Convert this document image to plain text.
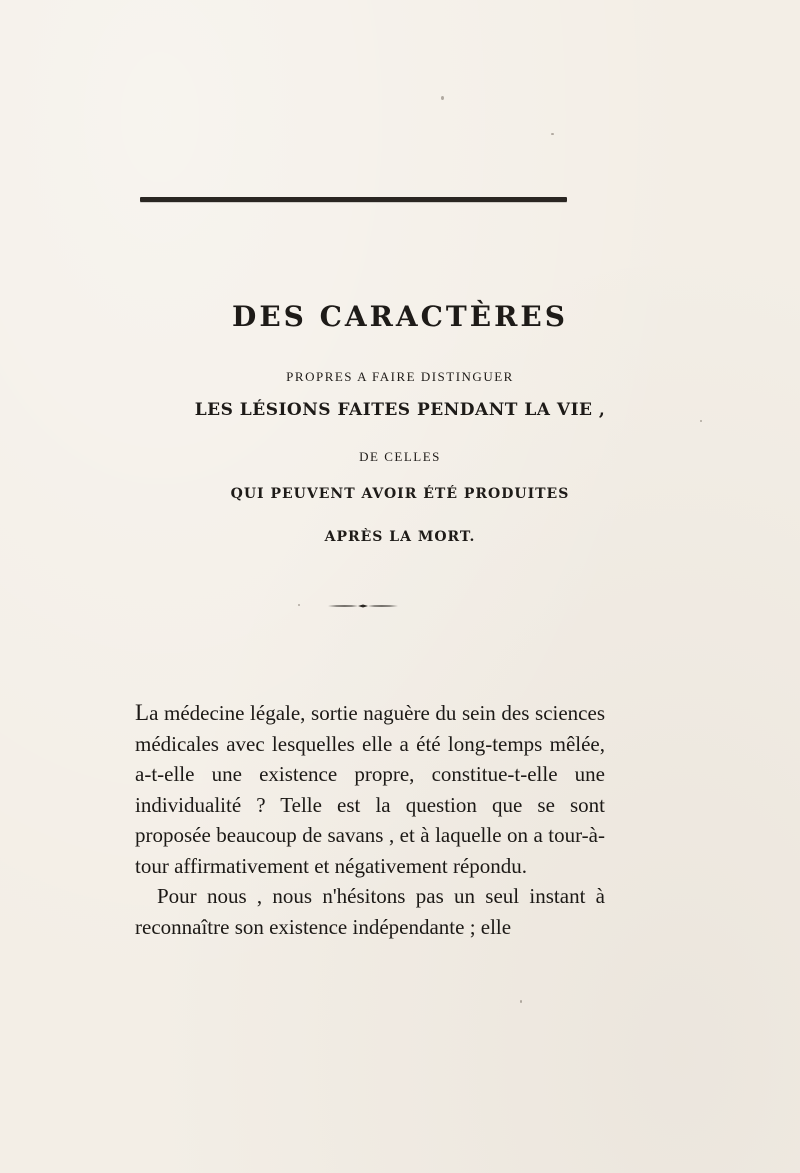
DES CARACTÈRES
PROPRES A FAIRE DISTINGUER
LES LÉSIONS FAITES PENDANT LA VIE ,
DE CELLES
QUI PEUVENT AVOIR ÉTÉ PRODUITES
APRÈS LA MORT.

La médecine légale, sortie naguère du sein des sciences médicales avec lesquelles elle a été long-temps mêlée, a-t-elle une existence propre, constitue-t-elle une individualité ? Telle est la question que se sont proposée beaucoup de savans , et à laquelle on a tour-à-tour affirmativement et négativement répondu.

Pour nous , nous n'hésitons pas un seul instant à reconnaître son existence indépendante ; elle
